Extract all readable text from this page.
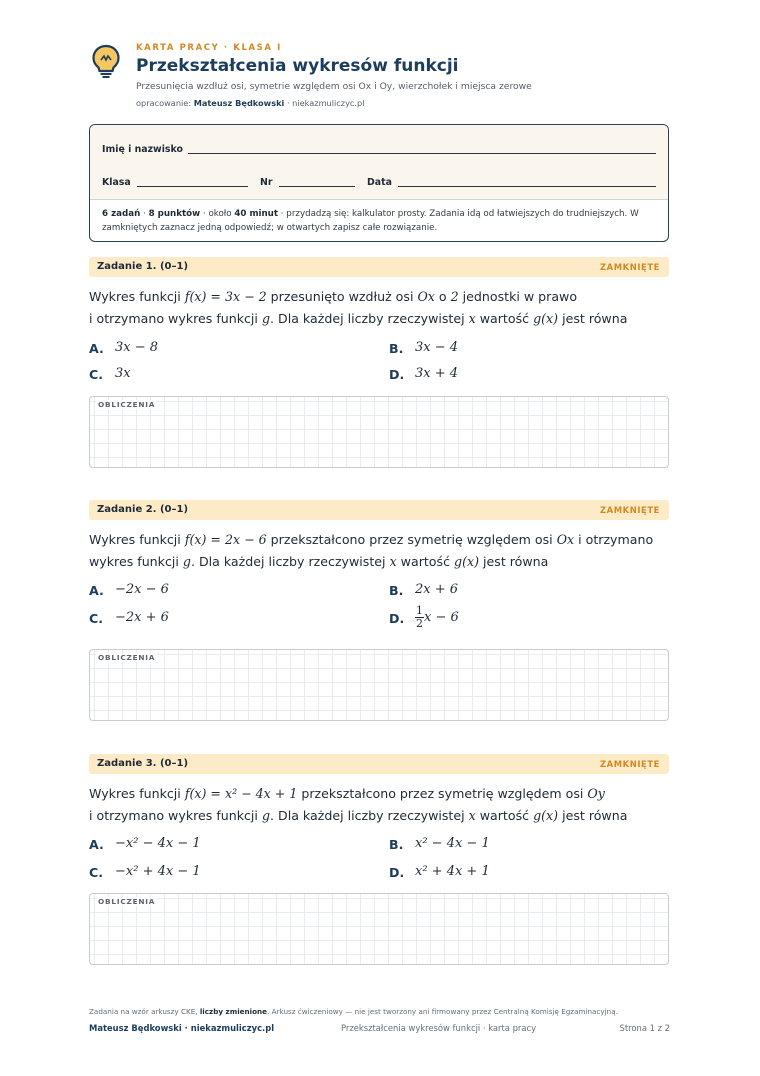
KARTA PRACY · KLASA I
Przekształcenia wykresów funkcji
Przesunięcia wzdłuż osi, symetrie względem osi Ox i Oy, wierzchołek i miejsca zerowe
opracowanie: Mateusz Będkowski · niekazmuliczyc.pl
Imię i nazwisko
Klasa	Nr	Data
6 zadań · 8 punktów · około 40 minut · przydadzą się: kalkulator prosty. Zadania idą od łatwiejszych do trudniejszych. W zamkniętych zaznacz jedną odpowiedź; w otwartych zapisz całe rozwiązanie.
Zadanie 1. (0–1)	ZAMKNIĘTE
Wykres funkcji f(x) = 3x − 2 przesunięto wzdłuż osi Ox o 2 jednostki w prawo
i otrzymano wykres funkcji g. Dla każdej liczby rzeczywistej x wartość g(x) jest równa
A. 3x − 8	B. 3x − 4
C. 3x	D. 3x + 4
OBLICZENIA
Zadanie 2. (0–1)	ZAMKNIĘTE
Wykres funkcji f(x) = 2x − 6 przekształcono przez symetrię względem osi Ox i otrzymano
wykres funkcji g. Dla każdej liczby rzeczywistej x wartość g(x) jest równa
A. −2x − 6	B. 2x + 6
C. −2x + 6	D. $\frac{1}{2}$ x − 6
OBLICZENIA
Zadanie 3. (0–1)	ZAMKNIĘTE
Wykres funkcji f(x) = x² − 4x + 1 przekształcono przez symetrię względem osi Oy
i otrzymano wykres funkcji g. Dla każdej liczby rzeczywistej x wartość g(x) jest równa
A. −x² − 4x − 1	B. x² − 4x − 1
C. −x² + 4x − 1	D. x² + 4x + 1
OBLICZENIA
Zadania na wzór arkuszy CKE, liczby zmienione. Arkusz ćwiczeniowy — nie jest tworzony ani firmowany przez Centralną Komisję Egzaminacyjną.
Mateusz Będkowski · niekazmuliczyc.pl	Przekształcenia wykresów funkcji · karta pracy	Strona 1 z 2
